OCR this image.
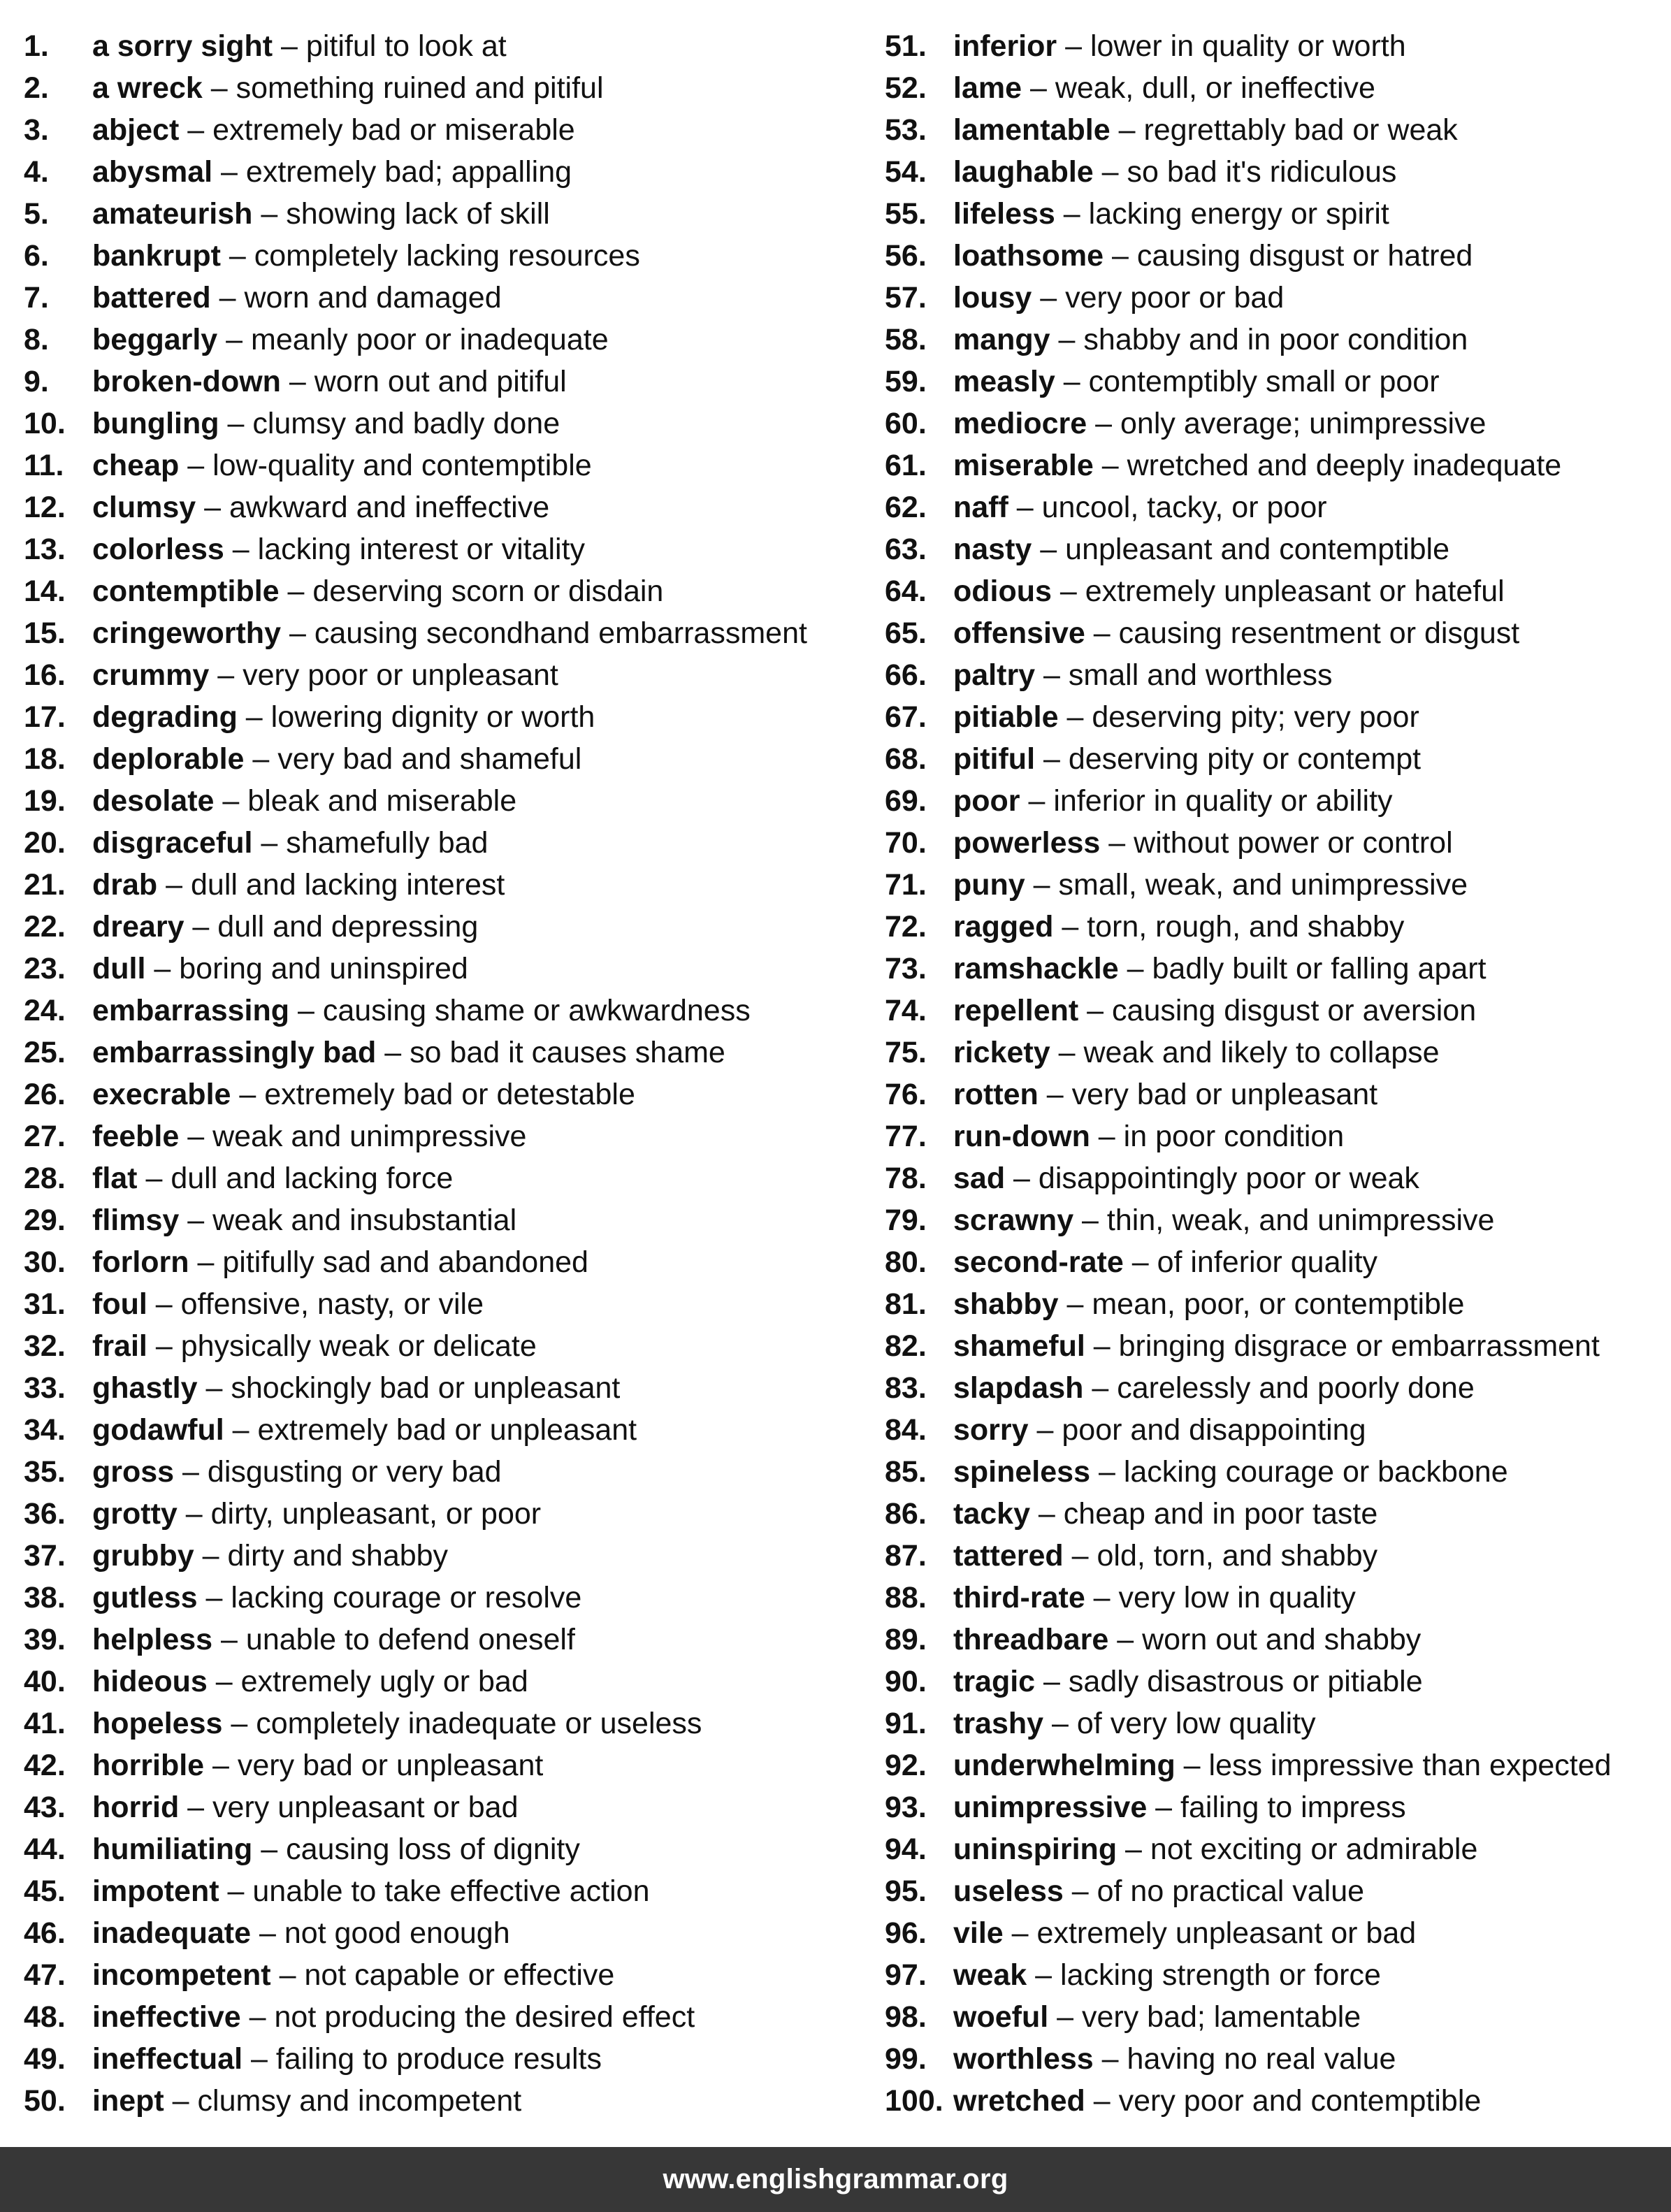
1.	a sorry sight – pitiful to look at
2.	a wreck – something ruined and pitiful
3.	abject – extremely bad or miserable
4.	abysmal – extremely bad; appalling
5.	amateurish – showing lack of skill
6.	bankrupt – completely lacking resources
7.	battered – worn and damaged
8.	beggarly – meanly poor or inadequate
9.	broken-down – worn out and pitiful
10. bungling – clumsy and badly done
11. cheap – low-quality and contemptible
12. clumsy – awkward and ineffective
13. colorless – lacking interest or vitality
14. contemptible – deserving scorn or disdain
15. cringeworthy – causing secondhand embarrassment
16. crummy – very poor or unpleasant
17. degrading – lowering dignity or worth
18. deplorable – very bad and shameful
19. desolate – bleak and miserable
20. disgraceful – shamefully bad
21. drab – dull and lacking interest
22. dreary – dull and depressing
23. dull – boring and uninspired
24. embarrassing – causing shame or awkwardness
25. embarrassingly bad – so bad it causes shame
26. execrable – extremely bad or detestable
27. feeble – weak and unimpressive
28. flat – dull and lacking force
29. flimsy – weak and insubstantial
30. forlorn – pitifully sad and abandoned
31. foul – offensive, nasty, or vile
32. frail – physically weak or delicate
33. ghastly – shockingly bad or unpleasant
34. godawful – extremely bad or unpleasant
35. gross – disgusting or very bad
36. grotty – dirty, unpleasant, or poor
37. grubby – dirty and shabby
38. gutless – lacking courage or resolve
39. helpless – unable to defend oneself
40. hideous – extremely ugly or bad
41. hopeless – completely inadequate or useless
42. horrible – very bad or unpleasant
43. horrid – very unpleasant or bad
44. humiliating – causing loss of dignity
45. impotent – unable to take effective action
46. inadequate – not good enough
47. incompetent – not capable or effective
48. ineffective – not producing the desired effect
49. ineffectual – failing to produce results
50. inept – clumsy and incompetent
51. inferior – lower in quality or worth
52. lame – weak, dull, or ineffective
53. lamentable – regrettably bad or weak
54. laughable – so bad it's ridiculous
55. lifeless – lacking energy or spirit
56. loathsome – causing disgust or hatred
57. lousy – very poor or bad
58. mangy – shabby and in poor condition
59. measly – contemptibly small or poor
60. mediocre – only average; unimpressive
61. miserable – wretched and deeply inadequate
62. naff – uncool, tacky, or poor
63. nasty – unpleasant and contemptible
64. odious – extremely unpleasant or hateful
65. offensive – causing resentment or disgust
66. paltry – small and worthless
67. pitiable – deserving pity; very poor
68. pitiful – deserving pity or contempt
69. poor – inferior in quality or ability
70. powerless – without power or control
71. puny – small, weak, and unimpressive
72. ragged – torn, rough, and shabby
73. ramshackle – badly built or falling apart
74. repellent – causing disgust or aversion
75. rickety – weak and likely to collapse
76. rotten – very bad or unpleasant
77. run-down – in poor condition
78. sad – disappointingly poor or weak
79. scrawny – thin, weak, and unimpressive
80. second-rate – of inferior quality
81. shabby – mean, poor, or contemptible
82. shameful – bringing disgrace or embarrassment
83. slapdash – carelessly and poorly done
84. sorry – poor and disappointing
85. spineless – lacking courage or backbone
86. tacky – cheap and in poor taste
87. tattered – old, torn, and shabby
88. third-rate – very low in quality
89. threadbare – worn out and shabby
90. tragic – sadly disastrous or pitiable
91. trashy – of very low quality
92. underwhelming – less impressive than expected
93. unimpressive – failing to impress
94. uninspiring – not exciting or admirable
95. useless – of no practical value
96. vile – extremely unpleasant or bad
97. weak – lacking strength or force
98. woeful – very bad; lamentable
99. worthless – having no real value
100. wretched – very poor and contemptible
www.englishgrammar.org
